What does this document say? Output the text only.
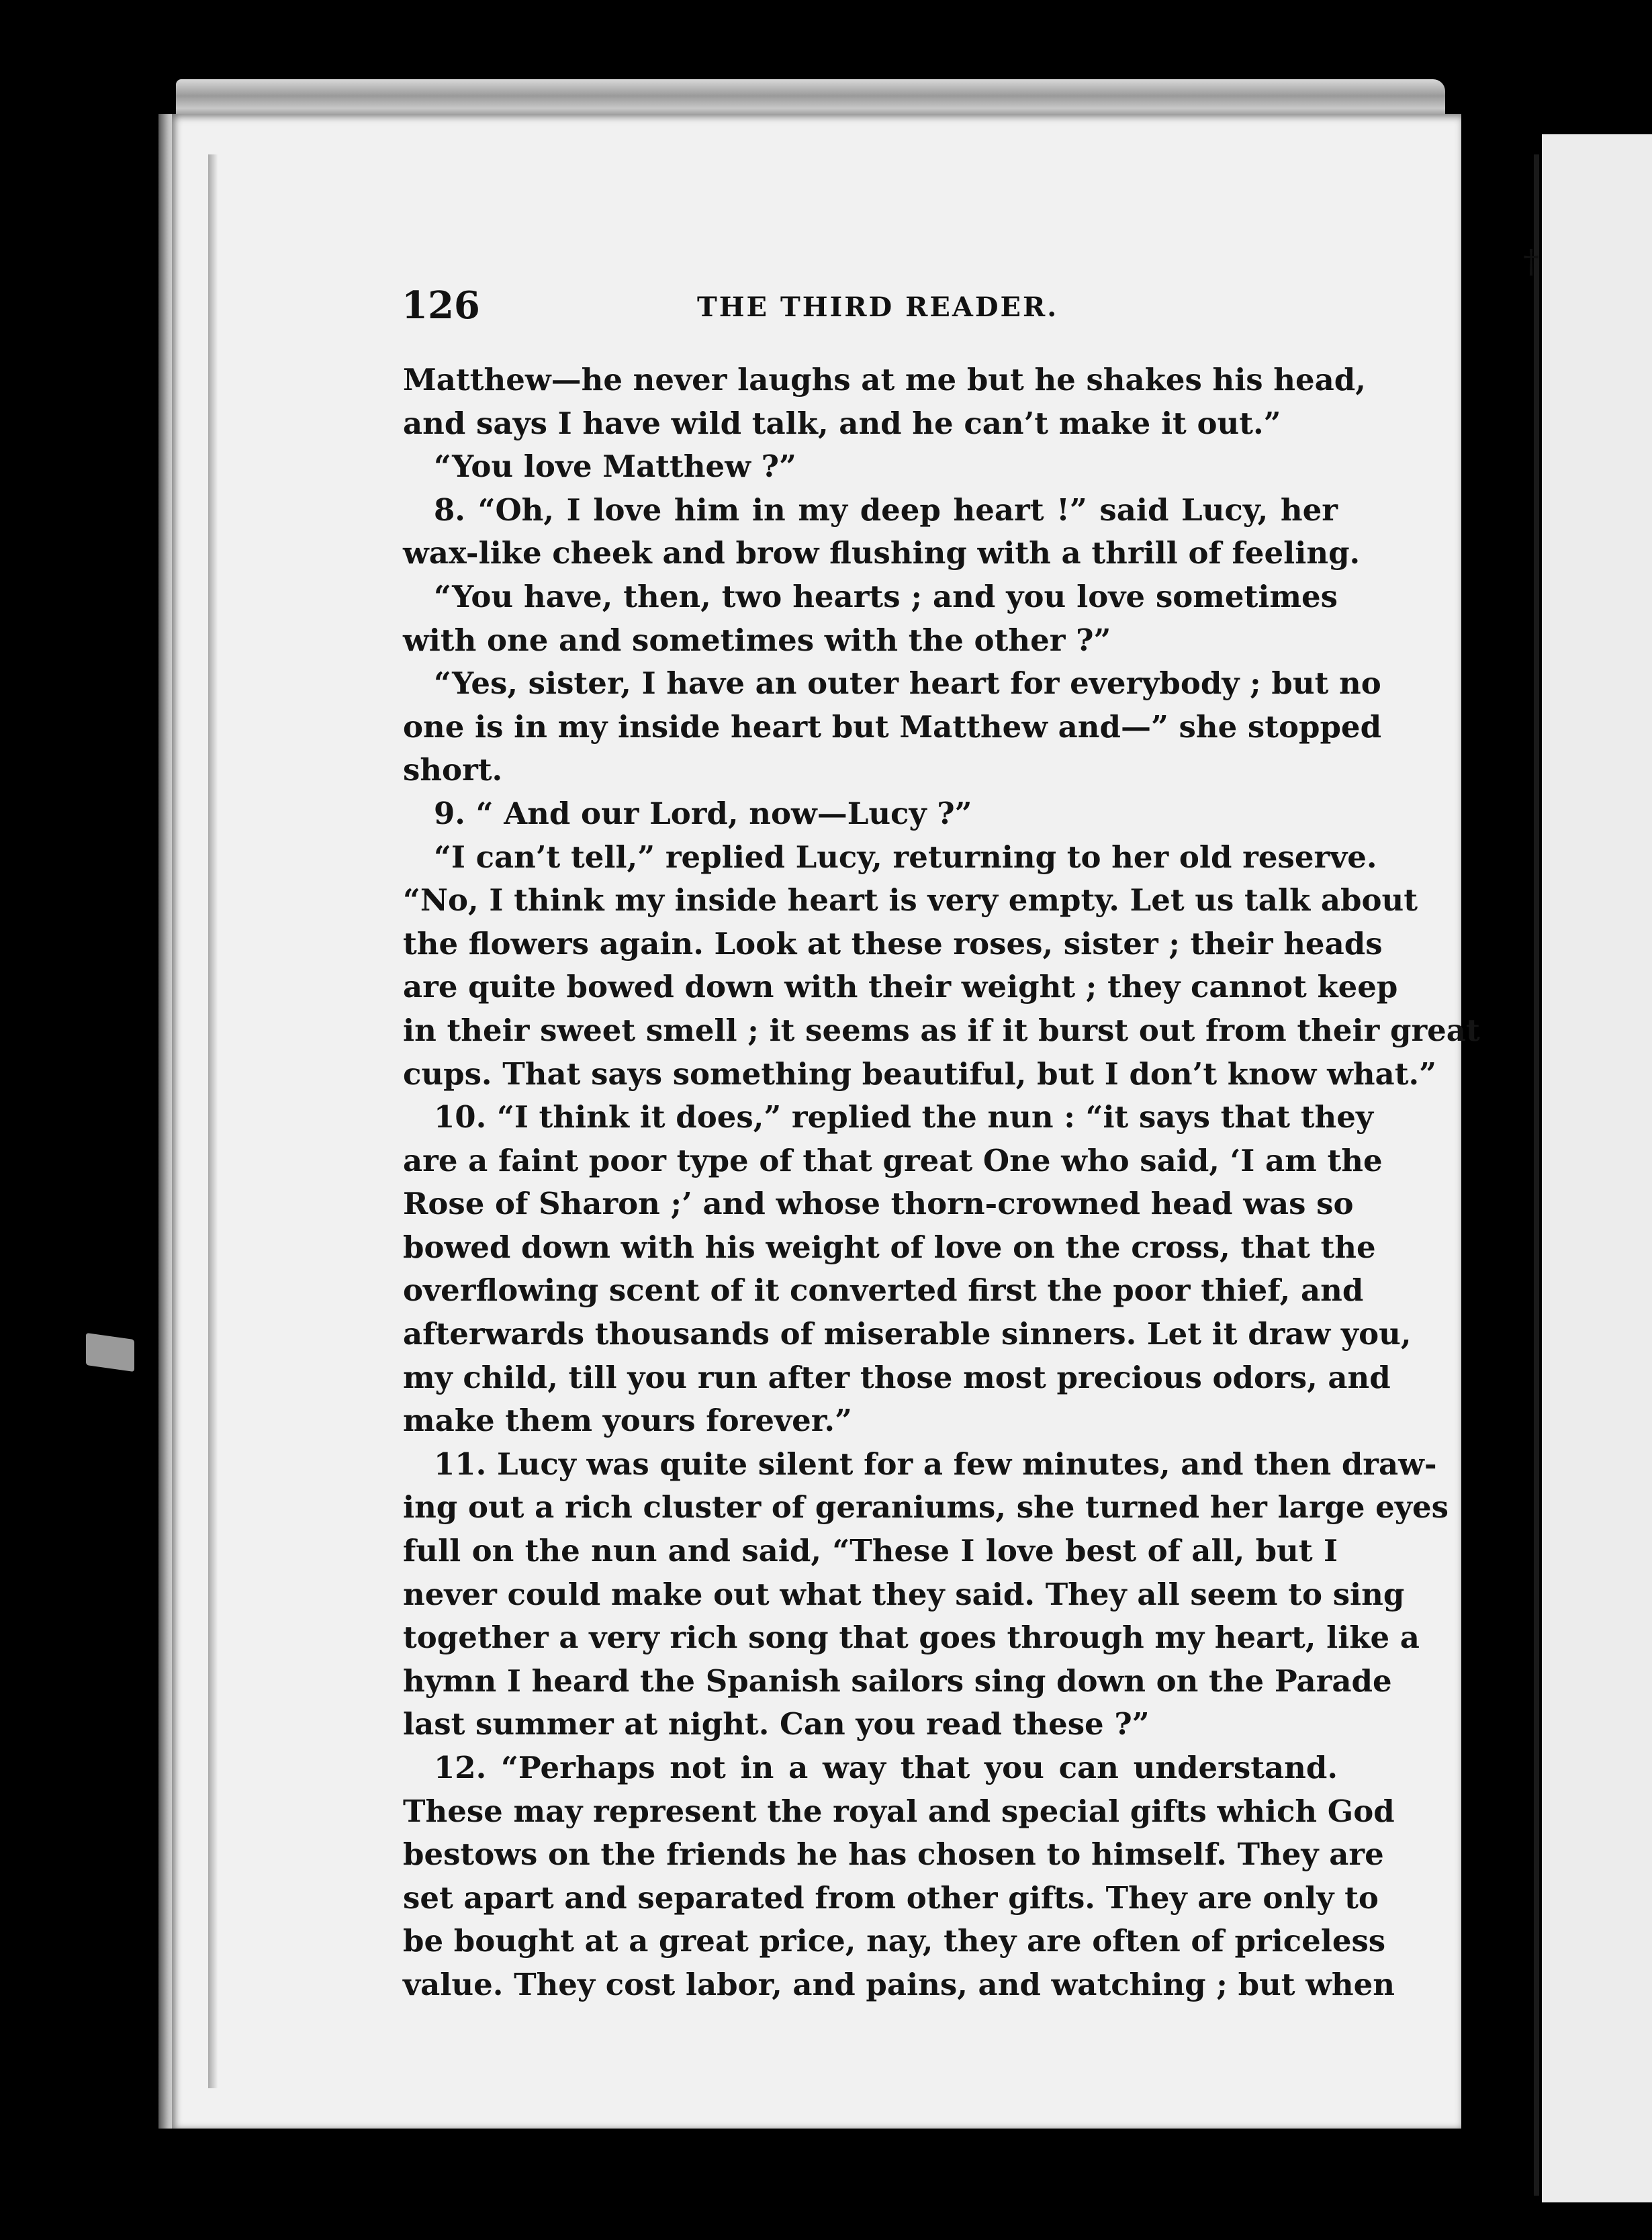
†
126	THE THIRD READER.
Matthew—he never laughs at me but he shakes his head,
and says I have wild talk, and he can’t make it out.”
“You love Matthew ?”
8. “Oh, I love him in my deep heart !” said Lucy, her
wax-like cheek and brow flushing with a thrill of feeling.
“You have, then, two hearts ; and you love sometimes
with one and sometimes with the other ?”
“Yes, sister, I have an outer heart for everybody ; but no
one is in my inside heart but Matthew and—” she stopped
short.
9. “ And our Lord, now—Lucy ?”
“I can’t tell,” replied Lucy, returning to her old reserve.
“No, I think my inside heart is very empty. Let us talk about
the flowers again. Look at these roses, sister ; their heads
are quite bowed down with their weight ; they cannot keep
in their sweet smell ; it seems as if it burst out from their great
cups. That says something beautiful, but I don’t know what.”
10. “I think it does,” replied the nun : “it says that they
are a faint poor type of that great One who said, ‘I am the
Rose of Sharon ;’ and whose thorn-crowned head was so
bowed down with his weight of love on the cross, that the
overflowing scent of it converted first the poor thief, and
afterwards thousands of miserable sinners. Let it draw you,
my child, till you run after those most precious odors, and
make them yours forever.”
11. Lucy was quite silent for a few minutes, and then draw-
ing out a rich cluster of geraniums, she turned her large eyes
full on the nun and said, “These I love best of all, but I
never could make out what they said. They all seem to sing
together a very rich song that goes through my heart, like a
hymn I heard the Spanish sailors sing down on the Parade
last summer at night. Can you read these ?”
12. “Perhaps not in a way that you can understand.
These may represent the royal and special gifts which God
bestows on the friends he has chosen to himself. They are
set apart and separated from other gifts. They are only to
be bought at a great price, nay, they are often of priceless
value. They cost labor, and pains, and watching ; but when
